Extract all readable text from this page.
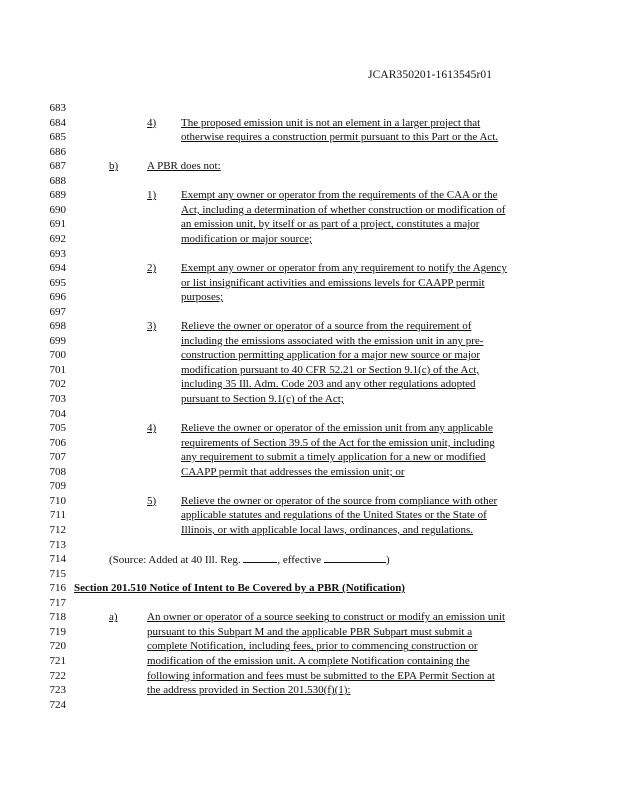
JCAR350201-1613545r01
683
684	4) The proposed emission unit is not an element in a larger project that
685	otherwise requires a construction permit pursuant to this Part or the Act.
686
687	b)	A PBR does not:
688
689	1) Exempt any owner or operator from the requirements of the CAA or the
690	Act, including a determination of whether construction or modification of
691	an emission unit, by itself or as part of a project, constitutes a major
692	modification or major source;
693
694	2) Exempt any owner or operator from any requirement to notify the Agency
695	or list insignificant activities and emissions levels for CAAPP permit
696	purposes;
697
698	3) Relieve the owner or operator of a source from the requirement of
699	including the emissions associated with the emission unit in any pre-
700	construction permitting application for a major new source or major
701	modification pursuant to 40 CFR 52.21 or Section 9.1(c) of the Act,
702	including 35 Ill. Adm. Code 203 and any other regulations adopted
703	pursuant to Section 9.1(c) of the Act;
704
705	4) Relieve the owner or operator of the emission unit from any applicable
706	requirements of Section 39.5 of the Act for the emission unit, including
707	any requirement to submit a timely application for a new or modified
708	CAAPP permit that addresses the emission unit; or
709
710	5) Relieve the owner or operator of the source from compliance with other
711	applicable statutes and regulations of the United States or the State of
712	Illinois, or with applicable local laws, ordinances, and regulations.
713
714
715
716 Section 201.510 Notice of Intent to Be Covered by a PBR (Notification)
717
718	a)	An owner or operator of a source seeking to construct or modify an emission unit
719	pursuant to this Subpart M and the applicable PBR Subpart must submit a
720	complete Notification, including fees, prior to commencing construction or
721	modification of the emission unit. A complete Notification containing the
722	following information and fees must be submitted to the EPA Permit Section at
723	the address provided in Section 201.530(f)(1):
724
(Source: Added at 40 Ill. Reg.	, effective	)
